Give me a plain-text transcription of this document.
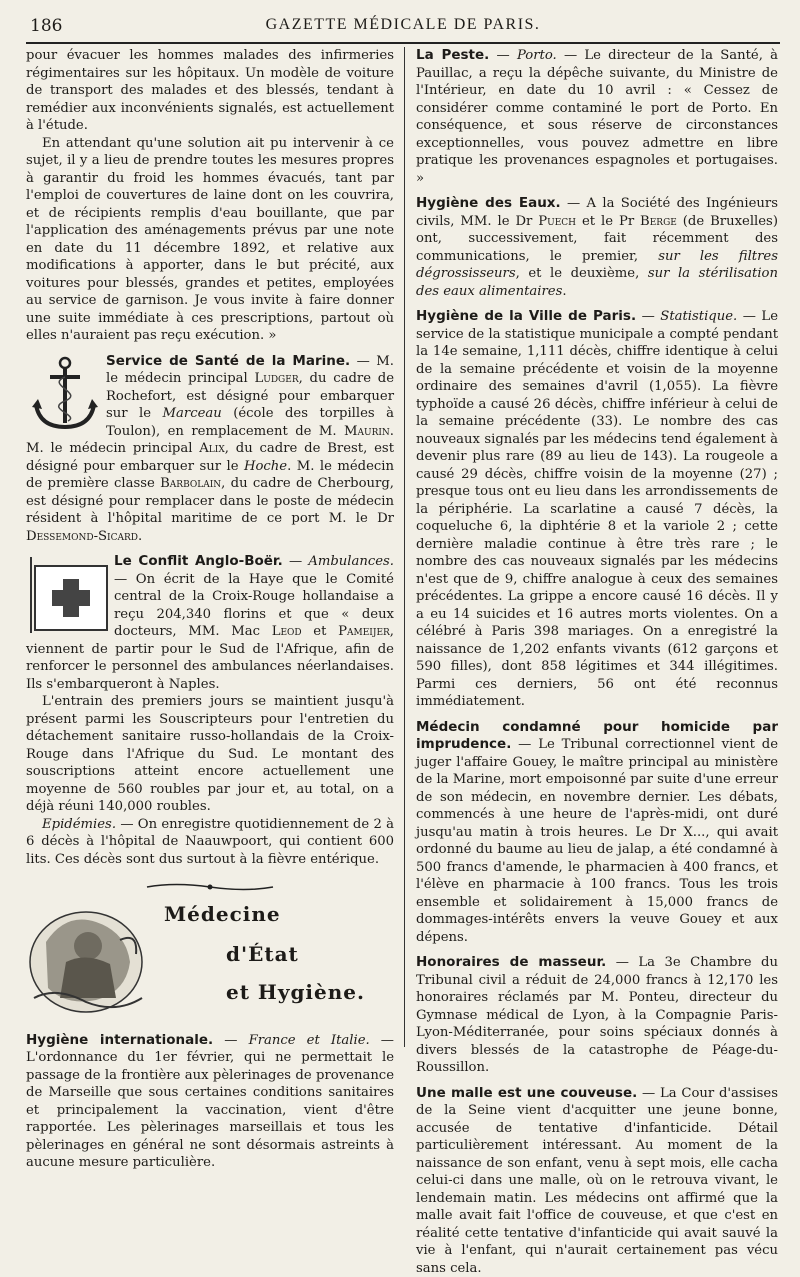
186	GAZETTE MÉDICALE DE PARIS.

pour évacuer les hommes malades des infirmeries régimentaires sur les hôpitaux. Un modèle de voiture de transport des malades et des blessés, tendant à remédier aux inconvénients signalés, est actuellement à l'étude.

En attendant qu'une solution ait pu intervenir à ce sujet, il y a lieu de prendre toutes les mesures propres à garantir du froid les hommes évacués, tant par l'emploi de couvertures de laine dont on les couvrira, et de récipients remplis d'eau bouillante, que par l'application des aménagements prévus par une note en date du 11 décembre 1892, et relative aux modifications à apporter, dans le but précité, aux voitures pour blessés, grandes et petites, employées au service de garnison. Je vous invite à faire donner une suite immédiate à ces prescriptions, partout où elles n'auraient pas reçu exécution. »

Service de Santé de la Marine. — M. le médecin principal Ludger, du cadre de Rochefort, est désigné pour embarquer sur le Marceau (école des torpilles à Toulon), en remplacement de M. Maurin. M. le médecin principal Alix, du cadre de Brest, est désigné pour embarquer sur le Hoche. M. le médecin de première classe Barbolain, du cadre de Cherbourg, est désigné pour remplacer dans le poste de médecin résident à l'hôpital maritime de ce port M. le Dr Dessemond-Sicard.

Le Conflit Anglo-Boër. — Ambulances. — On écrit de la Haye que le Comité central de la Croix-Rouge hollandaise a reçu 204,340 florins et que « deux docteurs, MM. Mac Leod et Pameijer, viennent de partir pour le Sud de l'Afrique, afin de renforcer le personnel des ambulances néerlandaises. Ils s'embarqueront à Naples.

L'entrain des premiers jours se maintient jusqu'à présent parmi les Souscripteurs pour l'entretien du détachement sanitaire russo-hollandais de la Croix-Rouge dans l'Afrique du Sud. Le montant des souscriptions atteint encore actuellement une moyenne de 560 roubles par jour et, au total, on a déjà réuni 140,000 roubles.

Epidémies. — On enregistre quotidiennement de 2 à 6 décès à l'hôpital de Naauwpoort, qui contient 600 lits. Ces décès sont dus surtout à la fièvre entérique.

Médecine
d'État
et Hygiène.

Hygiène internationale. — France et Italie. — L'ordonnance du 1er février, qui ne permettait le passage de la frontière aux pèlerinages de provenance de Marseille que sous certaines conditions sanitaires et principalement la vaccination, vient d'être rapportée. Les pèlerinages marseillais et tous les pèlerinages en général ne sont désormais astreints à aucune mesure particulière.

La Peste. — Porto. — Le directeur de la Santé, à Pauillac, a reçu la dépêche suivante, du Ministre de l'Intérieur, en date du 10 avril : « Cessez de considérer comme contaminé le port de Porto. En conséquence, et sous réserve de circonstances exceptionnelles, vous pouvez admettre en libre pratique les provenances espagnoles et portugaises. »

Hygiène des Eaux. — A la Société des Ingénieurs civils, MM. le Dr Puech et le Pr Berge (de Bruxelles) ont, successivement, fait récemment des communications, le premier, sur les filtres dégrossisseurs, et le deuxième, sur la stérilisation des eaux alimentaires.

Hygiène de la Ville de Paris. — Statistique. — Le service de la statistique municipale a compté pendant la 14e semaine, 1,111 décès, chiffre identique à celui de la semaine précédente et voisin de la moyenne ordinaire des semaines d'avril (1,055). La fièvre typhoïde a causé 26 décès, chiffre inférieur à celui de la semaine précédente (33). Le nombre des cas nouveaux signalés par les médecins tend également à devenir plus rare (89 au lieu de 143). La rougeole a causé 29 décès, chiffre voisin de la moyenne (27) ; presque tous ont eu lieu dans les arrondissements de la périphérie. La scarlatine a causé 7 décès, la coqueluche 6, la diphtérie 8 et la variole 2 ; cette dernière maladie continue à être très rare ; le nombre des cas nouveaux signalés par les médecins n'est que de 9, chiffre analogue à ceux des semaines précédentes. La grippe a encore causé 16 décès. Il y a eu 14 suicides et 16 autres morts violentes. On a célébré à Paris 398 mariages. On a enregistré la naissance de 1,202 enfants vivants (612 garçons et 590 filles), dont 858 légitimes et 344 illégitimes. Parmi ces derniers, 56 ont été reconnus immédiatement.

Médecin condamné pour homicide par imprudence. — Le Tribunal correctionnel vient de juger l'affaire Gouey, le maître principal au ministère de la Marine, mort empoisonné par suite d'une erreur de son médecin, en novembre dernier. Les débats, commencés à une heure de l'après-midi, ont duré jusqu'au matin à trois heures. Le Dr X..., qui avait ordonné du baume au lieu de jalap, a été condamné à 500 francs d'amende, le pharmacien à 400 francs, et l'élève en pharmacie à 100 francs. Tous les trois ensemble et solidairement à 15,000 francs de dommages-intérêts envers la veuve Gouey et aux dépens.

Honoraires de masseur. — La 3e Chambre du Tribunal civil a réduit de 24,000 francs à 12,170 les honoraires réclamés par M. Ponteu, directeur du Gymnase médical de Lyon, à la Compagnie Paris-Lyon-Méditerranée, pour soins spéciaux donnés à divers blessés de la catastrophe de Péage-du-Roussillon.

Une malle est une couveuse. — La Cour d'assises de la Seine vient d'acquitter une jeune bonne, accusée de tentative d'infanticide. Détail particulièrement intéressant. Au moment de la naissance de son enfant, venu à sept mois, elle cacha celui-ci dans une malle, où on le retrouva vivant, le lendemain matin. Les médecins ont affirmé que la malle avait fait l'office de couveuse, et que c'est en réalité cette tentative d'infanticide qui avait sauvé la vie à l'enfant, qui n'aurait certainement pas vécu sans cela.
